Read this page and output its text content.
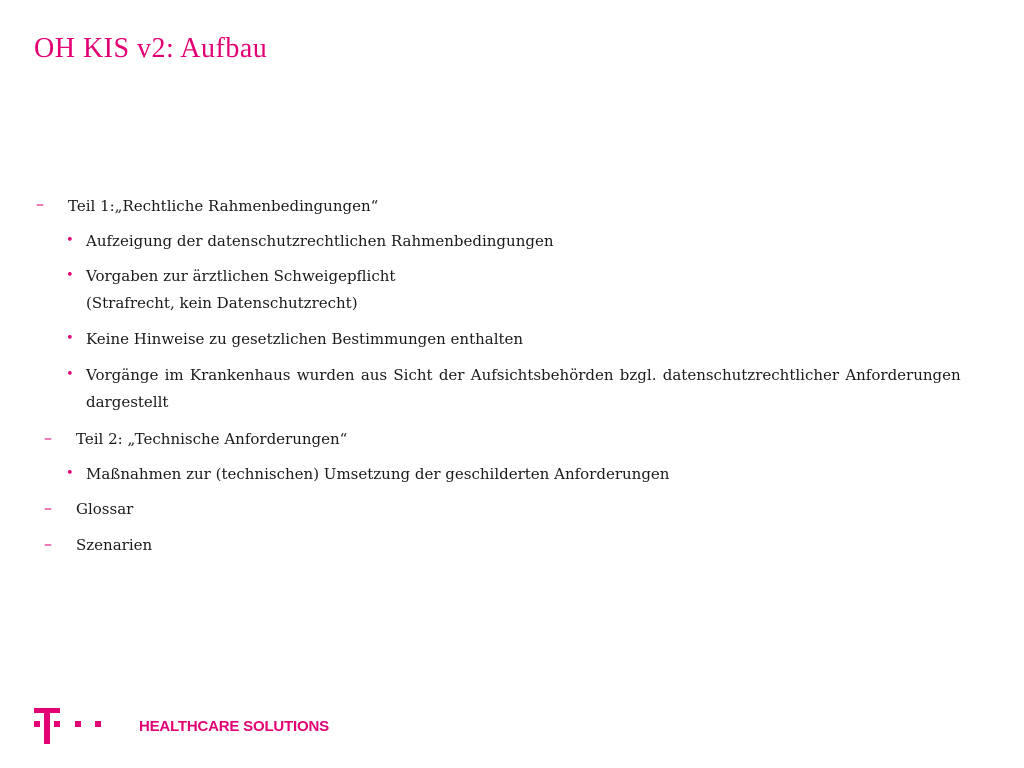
OH KIS v2: Aufbau
– Teil 1:„Rechtliche Rahmenbedingungen“
• Aufzeigung der datenschutzrechtlichen Rahmenbedingungen
• Vorgaben zur ärztlichen Schweigepflicht
(Strafrecht, kein Datenschutzrecht)
• Keine Hinweise zu gesetzlichen Bestimmungen enthalten
• Vorgänge im Krankenhaus wurden aus Sicht der Aufsichtsbehörden bzgl. datenschutzrechtlicher Anforderungen
dargestellt
– Teil 2: „Technische Anforderungen“
• Maßnahmen zur (technischen) Umsetzung der geschilderten Anforderungen
– Glossar
– Szenarien
HEALTHCARE SOLUTIONS
